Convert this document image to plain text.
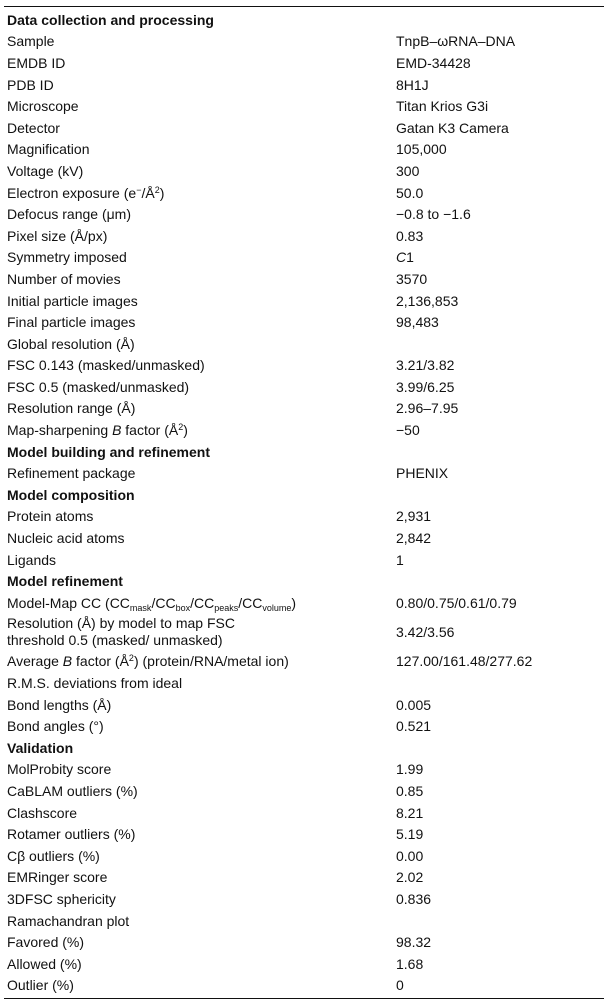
Data collection and processing	
Sample	TnpB–ωRNA–DNA
EMDB ID	EMD-34428
PDB ID	8H1J
Microscope	Titan Krios G3i
Detector	Gatan K3 Camera
Magnification	105,000
Voltage (kV)	300
Electron exposure $(e^-/Å^2)$	50.0
Defocus range (μm)	−0.8 to −1.6
Pixel size (Å/px)	0.83
Symmetry imposed	C1
Number of movies	3570
Initial particle images	2,136,853
Final particle images	98,483
Global resolution (Å)	
FSC 0.143 (masked/unmasked)	3.21/3.82
FSC 0.5 (masked/unmasked)	3.99/6.25
Resolution range (Å)	2.96–7.95
Map-sharpening B factor $(Å^2)$	−50
Model building and refinement	
Refinement package	PHENIX
Model composition	
Protein atoms	2,931
Nucleic acid atoms	2,842
Ligands	1
Model refinement	
Model-Map CC $(CC_{mask}/CC_{box}/CC_{peaks}/CC_{volume})$	0.80/0.75/0.61/0.79
Resolution (Å) by model to map FSC
threshold 0.5 (masked/ unmasked)	3.42/3.56
Average B factor $(Å^2)$ (protein/RNA/metal ion)	127.00/161.48/277.62
R.M.S. deviations from ideal	
Bond lengths (Å)	0.005
Bond angles (°)	0.521
Validation	
MolProbity score	1.99
CaBLAM outliers (%)	0.85
Clashscore	8.21
Rotamer outliers (%)	5.19
Cβ outliers (%)	0.00
EMRinger score	2.02
3DFSC sphericity	0.836
Ramachandran plot	
Favored (%)	98.32
Allowed (%)	1.68
Outlier (%)	0
